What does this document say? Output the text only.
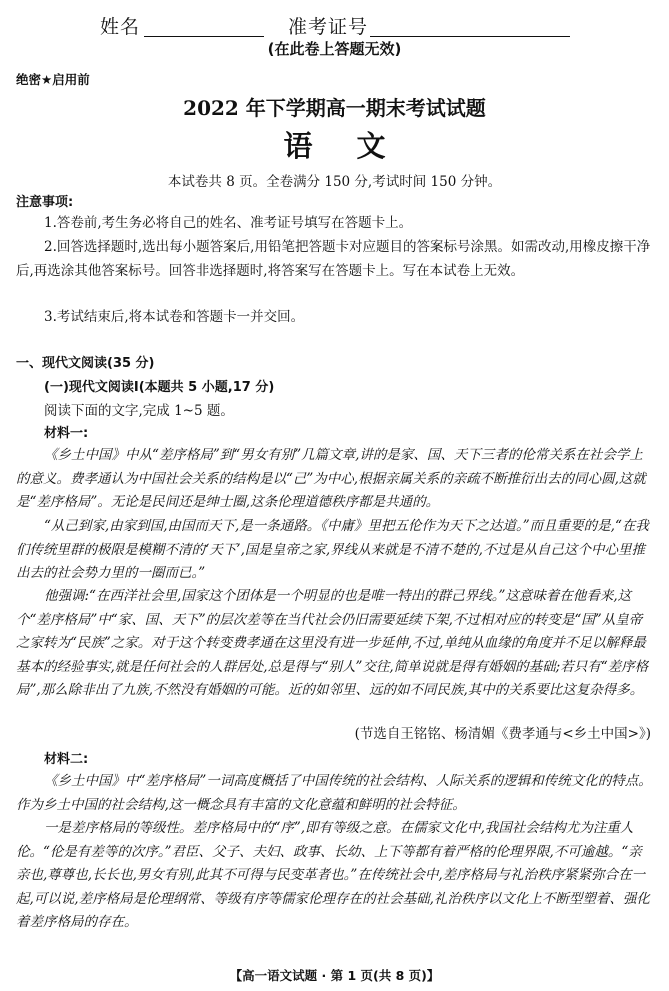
姓名	准考证号
(在此卷上答题无效)
绝密★启用前
2022 年下学期高一期末考试试题
语文
本试卷共 8 页。全卷满分 150 分,考试时间 150 分钟。
注意事项:

1.答卷前,考生务必将自己的姓名、准考证号填写在答题卡上。

2.回答选择题时,选出每小题答案后,用铅笔把答题卡对应题目的答案标号涂黑。如需改动,用橡皮擦干净后,再选涂其他答案标号。回答非选择题时,将答案写在答题卡上。写在本试卷上无效。

3.考试结束后,将本试卷和答题卡一并交回。

一、现代文阅读(35 分)
(一)现代文阅读Ⅰ(本题共 5 小题,17 分)
阅读下面的文字,完成 1~5 题。
材料一:

《乡土中国》中从“差序格局”到“男女有别”几篇文章,讲的是家、国、天下三者的伦常关系在社会学上的意义。费孝通认为中国社会关系的结构是以“己”为中心,根据亲属关系的亲疏不断推衍出去的同心圆,这就是“差序格局”。无论是民间还是绅士圈,这条伦理道德秩序都是共通的。

“从己到家,由家到国,由国而天下,是一条通路。《中庸》里把五伦作为天下之达道。”而且重要的是,“在我们传统里群的极限是模糊不清的‘天下’,国是皇帝之家,界线从来就是不清不楚的,不过是从自己这个中心里推出去的社会势力里的一圈而已。”

他强调:“在西洋社会里,国家这个团体是一个明显的也是唯一特出的群己界线。”这意味着在他看来,这个“差序格局”中“家、国、天下”的层次差等在当代社会仍旧需要延续下架,不过相对应的转变是“国”从皇帝之家转为“民族”之家。对于这个转变费孝通在这里没有进一步延伸,不过,单纯从血缘的角度并不足以解释最基本的经验事实,就是任何社会的人群居处,总是得与“别人”交往,简单说就是得有婚姻的基础;若只有“差序格局”,那么除非出了九族,不然没有婚姻的可能。近的如邻里、远的如不同民族,其中的关系要比这复杂得多。

(节选自王铭铭、杨清媚《费孝通与<乡土中国>》)
材料二:

《乡土中国》中“差序格局”一词高度概括了中国传统的社会结构、人际关系的逻辑和传统文化的特点。作为乡土中国的社会结构,这一概念具有丰富的文化意蕴和鲜明的社会特征。

一是差序格局的等级性。差序格局中的“序”,即有等级之意。在儒家文化中,我国社会结构尤为注重人伦。“伦是有差等的次序。”君臣、父子、夫妇、政事、长幼、上下等都有着严格的伦理界限,不可逾越。“亲亲也,尊尊也,长长也,男女有别,此其不可得与民变革者也。”在传统社会中,差序格局与礼治秩序紧紧弥合在一起,可以说,差序格局是伦理纲常、等级有序等儒家伦理存在的社会基础,礼治秩序以文化上不断型塑着、强化着差序格局的存在。

【高一语文试题 · 第 1 页(共 8 页)】
